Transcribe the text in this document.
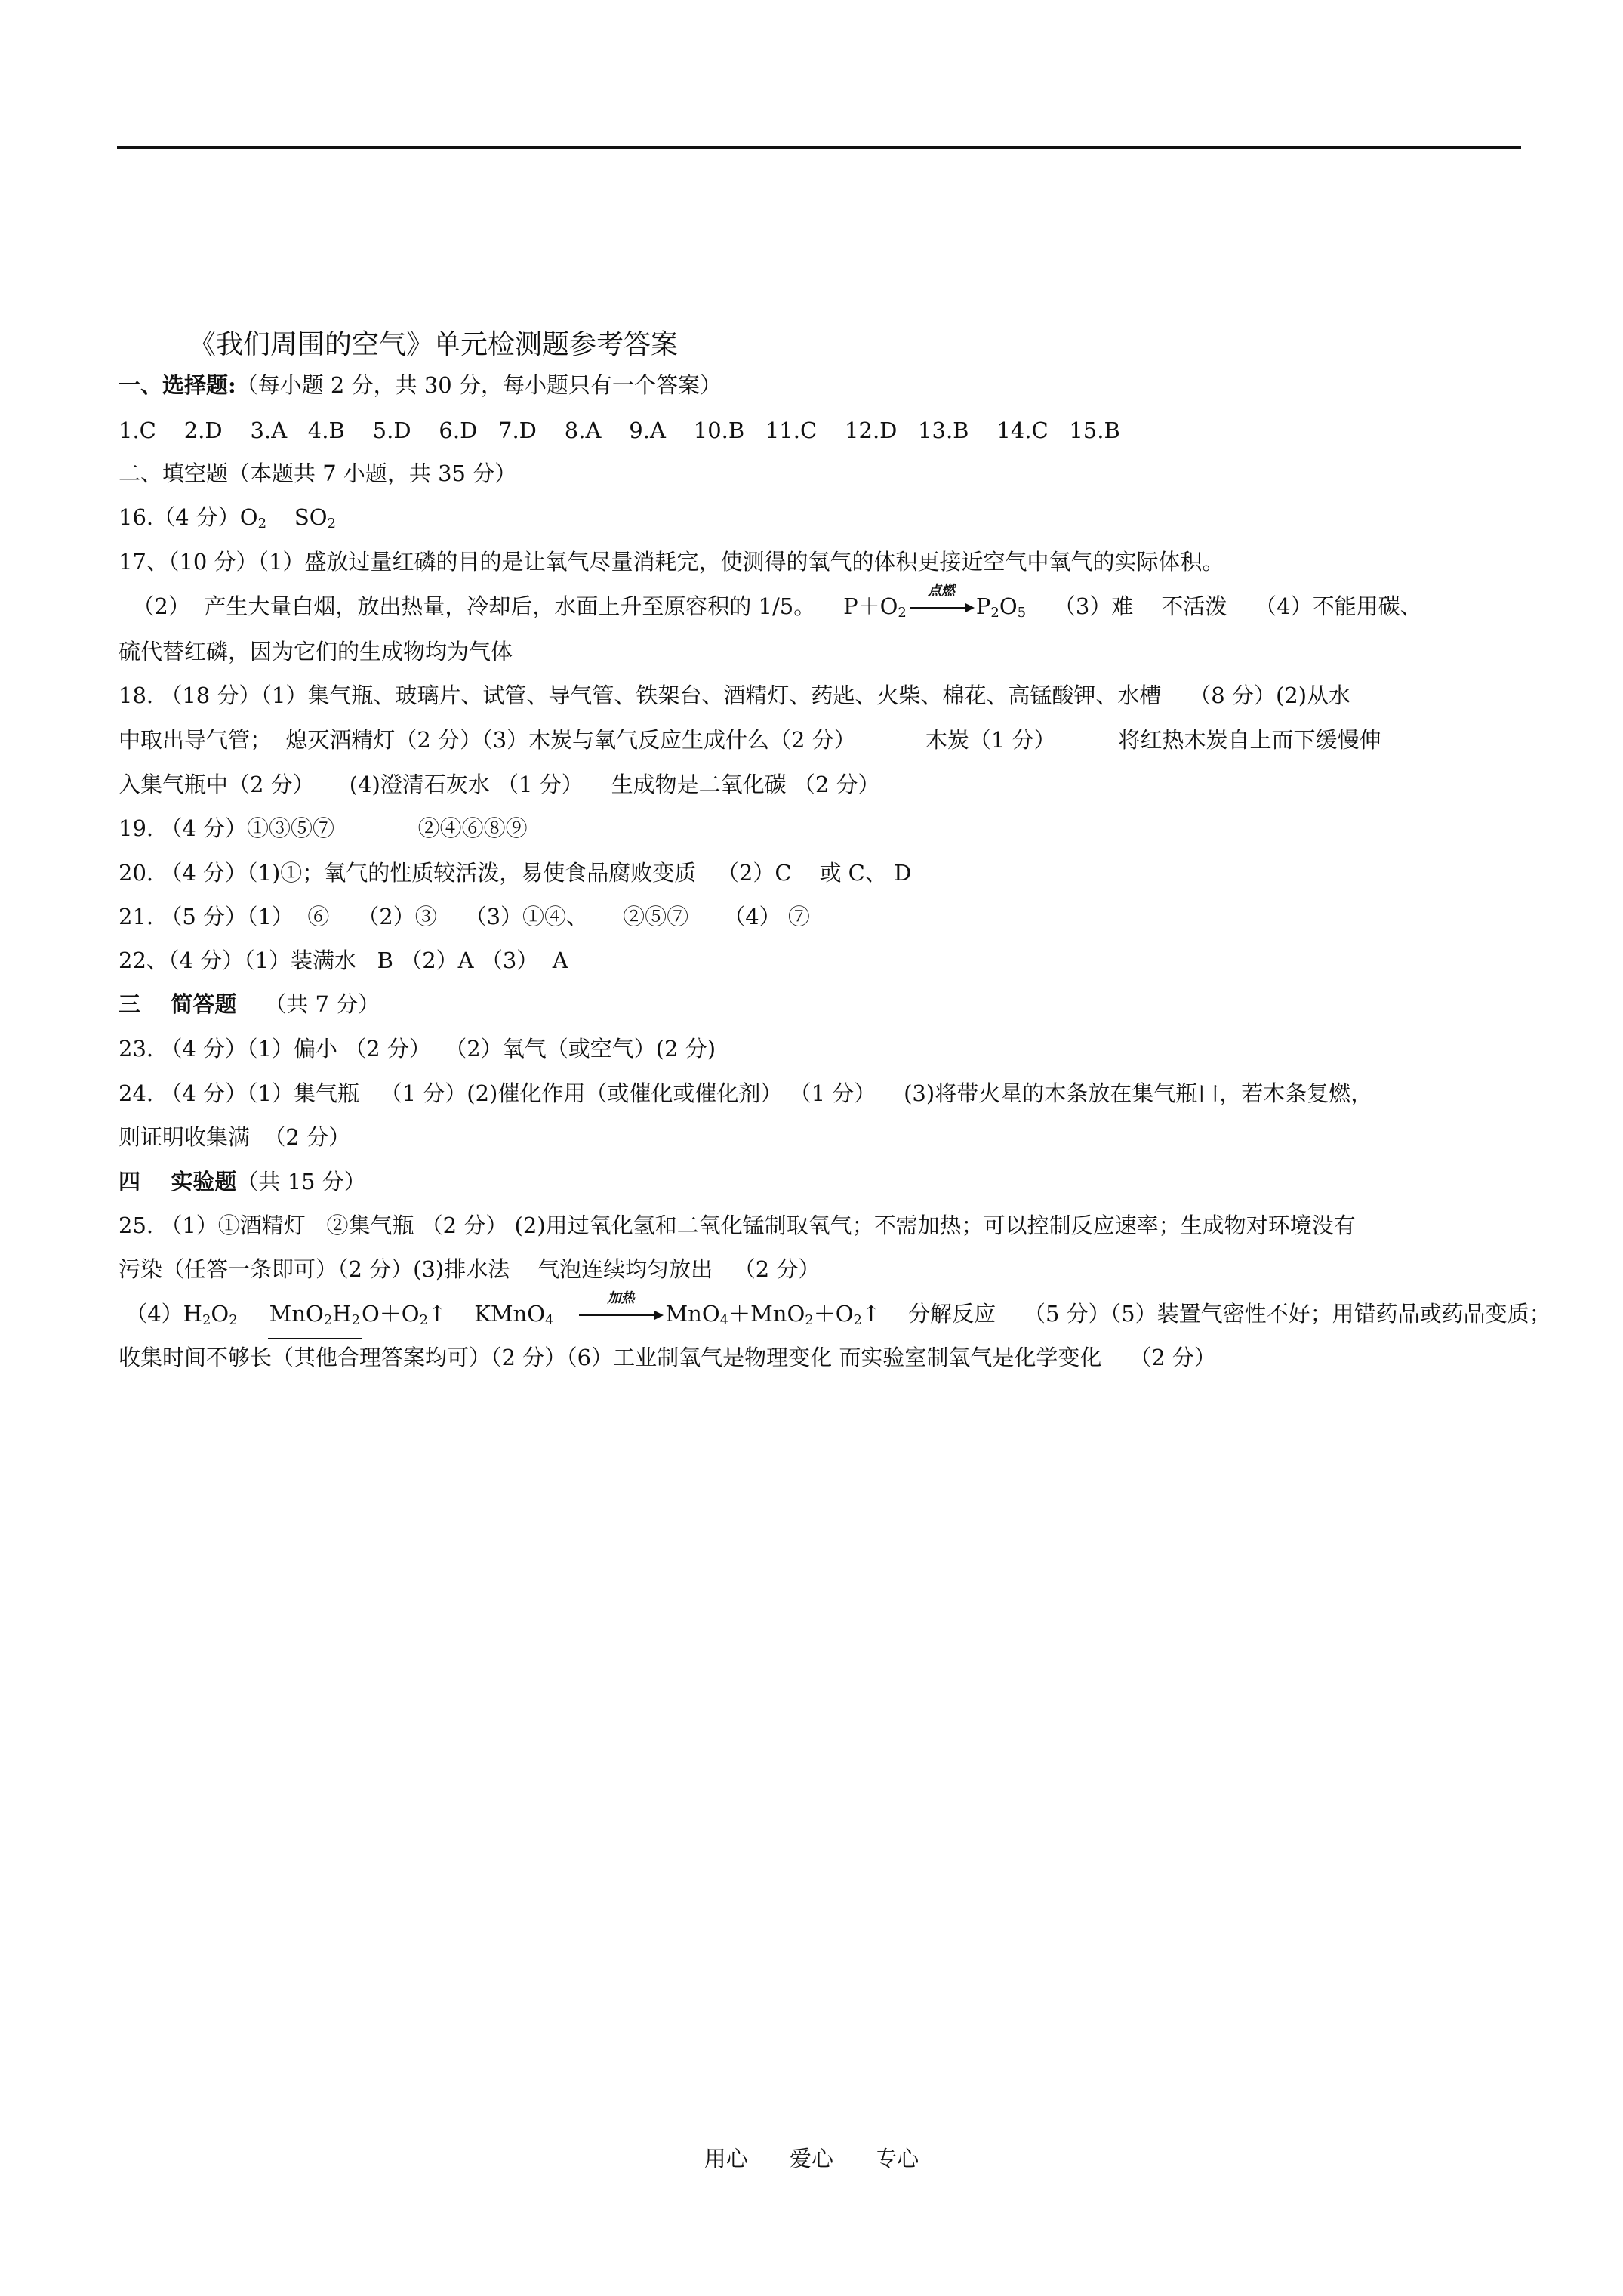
《我们周围的空气》单元检测题参考答案
一、选择题:（每小题 2 分，共 30 分，每小题只有一个答案）
1.C    2.D    3.A   4.B    5.D    6.D   7.D    8.A    9.A    10.B   11.C    12.D   13.B    14.C   15.B
二、填空题（本题共 7 小题，共 35 分）
16.（4 分）$O_2$    $SO_2$
17、（10 分）（1）盛放过量红磷的目的是让氧气尽量消耗完，使测得的氧气的体积更接近空气中氧气的实际体积。
（2）  产生大量白烟，放出热量，冷却后，水面上升至原容积的 1/5。    $P+O_2$
点燃
$P_2O_5$    （3）难    不活泼    （4）不能用碳、
硫代替红磷，因为它们的生成物均为气体
18. （18 分）（1）集气瓶、玻璃片、试管、导气管、铁架台、酒精灯、药匙、火柴、棉花、高锰酸钾、水槽    （8 分）(2)从水
中取出导气管；  熄灭酒精灯（2 分）（3）木炭与氧气反应生成什么（2 分）          木炭（1 分）         将红热木炭自上而下缓慢伸
入集气瓶中（2 分）     (4)澄清石灰水 （1 分）    生成物是二氧化碳 （2 分）
19. （4 分）①③⑤⑦            ②④⑥⑧⑨
20. （4 分）（1)①；氧气的性质较活泼，易使食品腐败变质   （2）C    或 C、 D
21. （5 分）（1）  ⑥    （2）③    （3）①④、     ②⑤⑦     （4） ⑦
22、（4 分）（1）装满水   B （2）A （3）  A
三    简答题    （共 7 分）
23. （4 分）（1）偏小 （2 分）  （2）氧气（或空气）(2 分)
24. （4 分）（1）集气瓶   （1 分）(2)催化作用（或催化或催化剂） （1 分）    (3)将带火星的木条放在集气瓶口，若木条复燃，
则证明收集满  （2 分）
四    实验题（共 15 分）
25. （1）①酒精灯   ②集气瓶 （2 分） (2)用过氧化氢和二氧化锰制取氧气；不需加热；可以控制反应速率；生成物对环境没有
污染（任答一条即可）（2 分）(3)排水法    气泡连续均匀放出   （2 分）
$(4)H_2O_2$ $MnO_2H_2O+O_2↑$    KMnO$_4$
加热
$MnO_4+MnO_2+O_2↑$    分解反应    （5 分）（5）装置气密性不好；用错药品或药品变质；
收集时间不够长（其他合理答案均可）（2 分）（6）工业制氧气是物理变化 而实验室制氧气是化学变化    （2 分）
用心      爱心      专心
